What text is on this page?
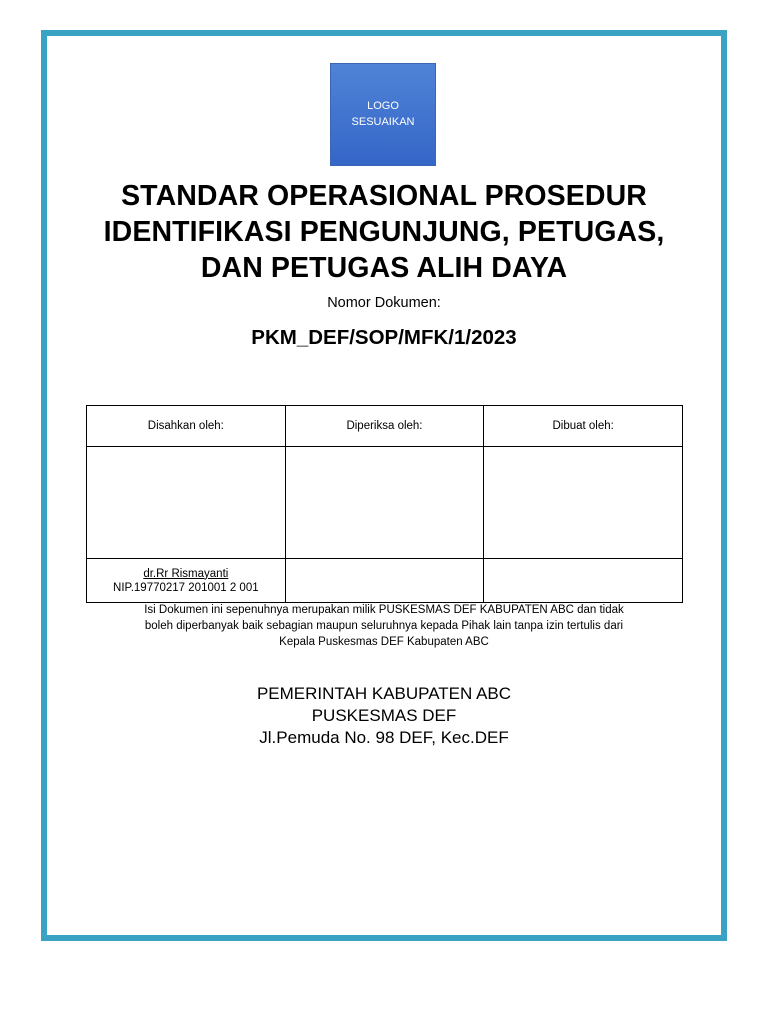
LOGO
SESUAIKAN
STANDAR OPERASIONAL PROSEDUR
IDENTIFIKASI PENGUNJUNG, PETUGAS,
DAN PETUGAS ALIH DAYA
Nomor Dokumen:
PKM_DEF/SOP/MFK/1/2023
Disahkan oleh:	Diperiksa oleh:	Dibuat oleh:

dr.Rr Rismayanti
NIP.19770217 201001 2 001		

Isi Dokumen ini sepenuhnya merupakan milik PUSKESMAS DEF KABUPATEN ABC dan tidak
boleh diperbanyak baik sebagian maupun seluruhnya kepada Pihak lain tanpa izin tertulis dari
Kepala Puskesmas DEF Kabupaten ABC
PEMERINTAH KABUPATEN ABC
PUSKESMAS DEF
Jl.Pemuda No. 98 DEF, Kec.DEF
